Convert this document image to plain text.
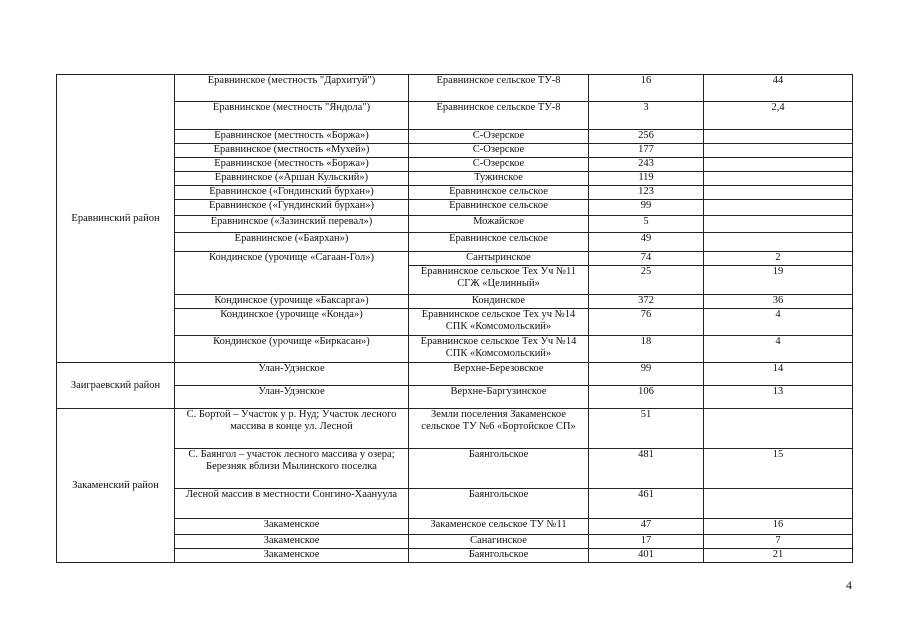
Еравнинский район	Еравнинское (местность "Дархитуй")	Еравнинское сельское ТУ-8	16	44
	Еравнинское (местность "Яндола")	Еравнинское сельское ТУ-8	3	2,4
	Еравнинское (местность «Боржа»)	С-Озерское	256	
	Еравнинское (местность «Мухей»)	С-Озерское	177	
	Еравнинское (местность «Боржа»)	С-Озерское	243	
	Еравнинское («Аршан Кульский»)	Тужинское	119	
	Еравнинское («Гондинский бурхан»)	Еравнинское сельское	123	
	Еравнинское («Гундинский бурхан»)	Еравнинское сельское	99	
	Еравнинское («Зазинский перевал»)	Можайское	5	
	Еравнинское («Баярхан»)	Еравнинское сельское	49	
	Кондинское (урочище «Сагаан-Гол»)	Сантыринское	74	2
		Еравнинское сельское Тех Уч №11 СГЖ «Целинный»	25	19
	Кондинское (урочище «Баксарга»)	Кондинское	372	36
	Кондинское (урочище «Конда»)	Еравнинское сельское Тех уч №14 СПК «Комсомольский»	76	4
	Кондинское (урочище «Биркасан»)	Еравнинское сельское Тех Уч №14 СПК «Комсомольский»	18	4
Заиграевский район	Улан-Удэнское	Верхне-Березовское	99	14
	Улан-Удэнское	Верхне-Баргузинское	106	13
Закаменский район	С. Бортой – Участок у р. Нуд; Участок лесного массива в конце ул. Лесной	Земли поселения Закаменское сельское ТУ №6 «Бортойское СП»	51	
	С. Баянгол – участок лесного массива у озера; Березняк вблизи Мылинского поселка	Баянгольское	481	15
	Лесной массив в местности Сонгино-Хаануула	Баянгольское	461	
	Закаменское	Закаменское сельское ТУ №11	47	16
	Закаменское	Санагинское	17	7
	Закаменское	Баянгольское	401	21
4
